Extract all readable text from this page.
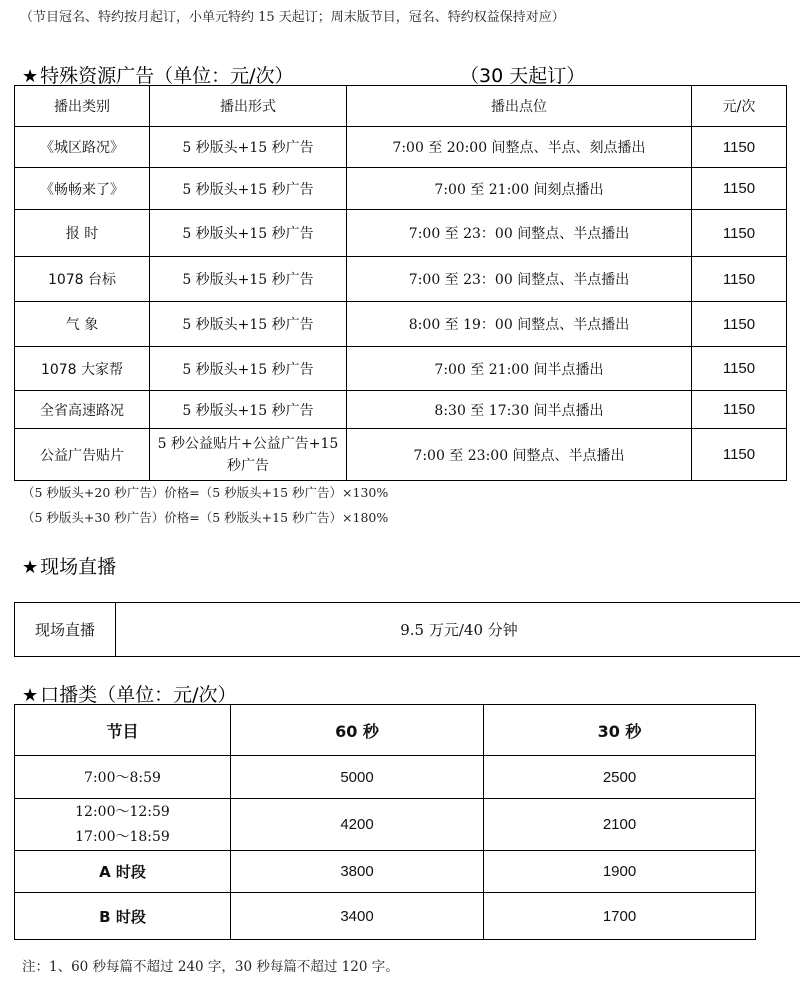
（节目冠名、特约按月起订，小单元特约 15 天起订；周末版节目，冠名、特约权益保持对应）
★ 特殊资源广告（单位：元/次）	（30 天起订）
播出类别	播出形式	播出点位	元/次
《城区路况》	5 秒版头+15 秒广告	7:00 至 20:00 间整点、半点、刻点播出	1150
《畅畅来了》	5 秒版头+15 秒广告	7:00 至 21:00 间刻点播出	1150
报 时	5 秒版头+15 秒广告	7:00 至 23：00 间整点、半点播出	1150
1078 台标	5 秒版头+15 秒广告	7:00 至 23：00 间整点、半点播出	1150
气 象	5 秒版头+15 秒广告	8:00 至 19：00 间整点、半点播出	1150
1078 大家帮	5 秒版头+15 秒广告	7:00 至 21:00 间半点播出	1150
全省高速路况	5 秒版头+15 秒广告	8:30 至 17:30 间半点播出	1150
公益广告贴片	5 秒公益贴片+公益广告+15
秒广告	7:00 至 23:00 间整点、半点播出	1150
（5 秒版头+20 秒广告）价格=（5 秒版头+15 秒广告）×130%
（5 秒版头+30 秒广告）价格=（5 秒版头+15 秒广告）×180%
★ 现场直播
现场直播	9.5 万元/40 分钟
★ 口播类（单位：元/次）
节目	60 秒	30 秒
7:00～8:59	5000	2500

12:00～12:59
17:00～18:59	4200	2100
A 时段	3800	1900
B 时段	3400	1700
注：1、60 秒每篇不超过 240 字，30 秒每篇不超过 120 字。
